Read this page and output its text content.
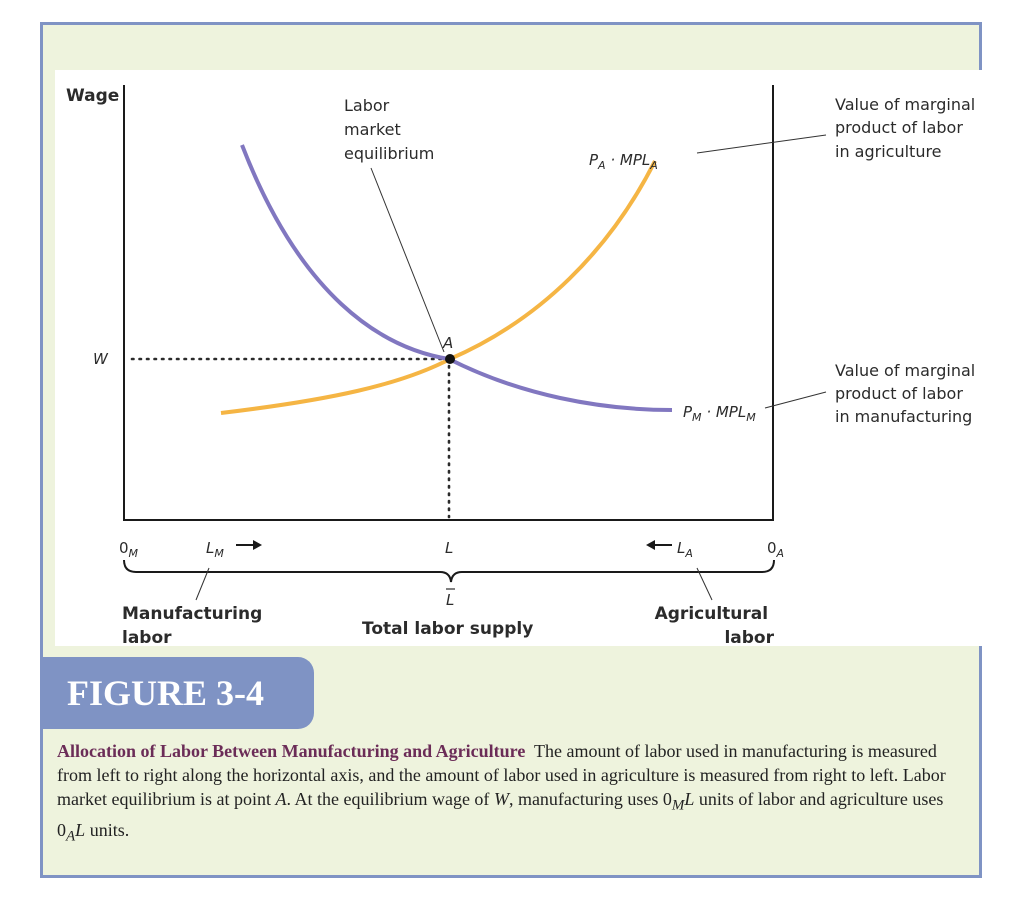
Wage
W
A
Labor market equilibrium	$P_A \cdot MPL_A$
Value of marginal product of labor in agriculture
$P_M \cdot MPL_M$
Value of marginal product of labor in manufacturing
$0_M$	$L_M$	L	$L_A$	$0_A$
L
Manufacturing labor	Total labor supply
Agricultural labor
FIGURE 3-4
Allocation of Labor Between Manufacturing and Agriculture The amount of labor used in manufacturing is measured from left to right along the horizontal axis, and the amount of labor used in agriculture is measured from right to left. Labor market equilibrium is at point A. At the equilibrium wage of W, manufacturing uses $0_ML$ units of labor and agriculture uses $0_AL$ units.
